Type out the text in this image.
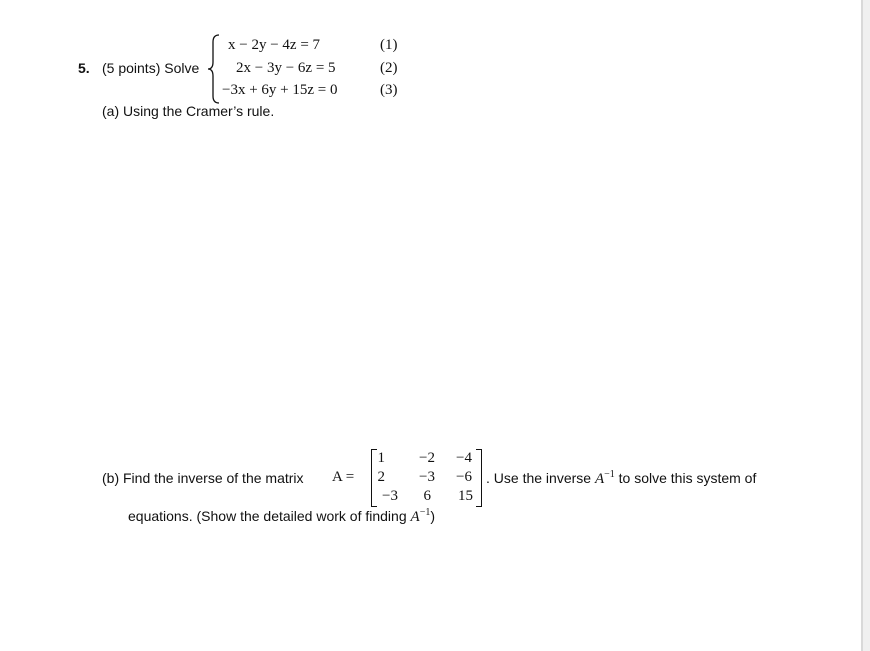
5. (5 points) Solve
x − 2y − 4z = 7
2x − 3y − 6z = 5
−3x + 6y + 15z = 0
(1)
(2)
(3)
(a) Using the Cramer’s rule.
(b) Find the inverse of the matrix A =
1	−2	−4
2	−3	−6
−3	6	15
. Use the inverse $A^{-1}$ to solve this system of
equations. (Show the detailed work of finding $A^{-1}$)
